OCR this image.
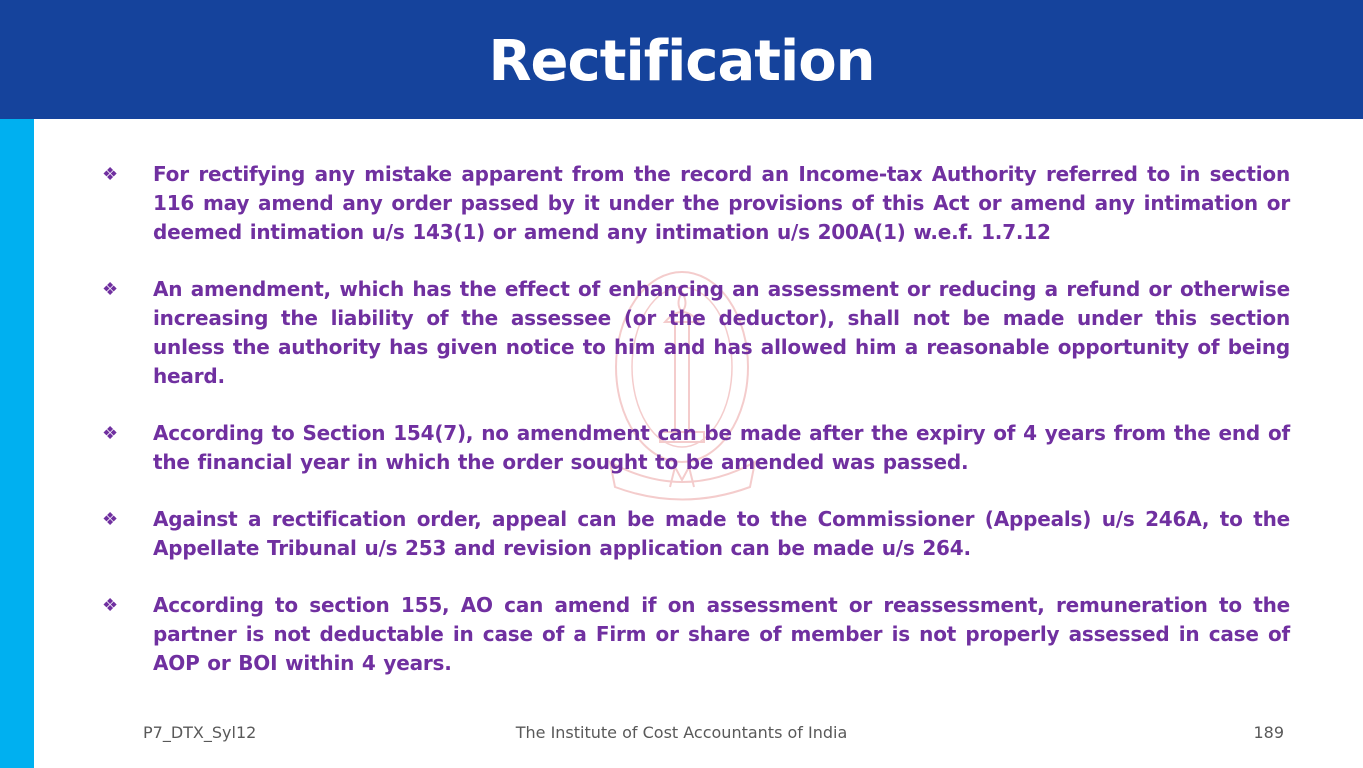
Rectification
❖	For rectifying any mistake apparent from the record an Income-tax Authority referred to in section 116 may amend any order passed by it under the provisions of this Act or amend any intimation or deemed intimation u/s 143(1) or amend any intimation u/s 200A(1) w.e.f. 1.7.12
❖	An amendment, which has the effect of enhancing an assessment or reducing a refund or otherwise increasing the liability of the assessee (or the deductor), shall not be made under this section unless the authority has given notice to him and has allowed him a reasonable opportunity of being heard.
❖	According to Section 154(7), no amendment can be made after the expiry of 4 years from the end of the financial year in which the order sought to be amended was passed.
❖	Against a rectification order, appeal can be made to the Commissioner (Appeals) u/s 246A, to the Appellate Tribunal u/s 253 and revision application can be made u/s 264.
❖	According to section 155, AO can amend if on assessment or reassessment, remuneration to the partner is not deductable in case of a Firm or share of member is not properly assessed in case of AOP or BOI within 4 years.
The Institute of Cost Accountants of India
P7_DTX_Syl12	189
